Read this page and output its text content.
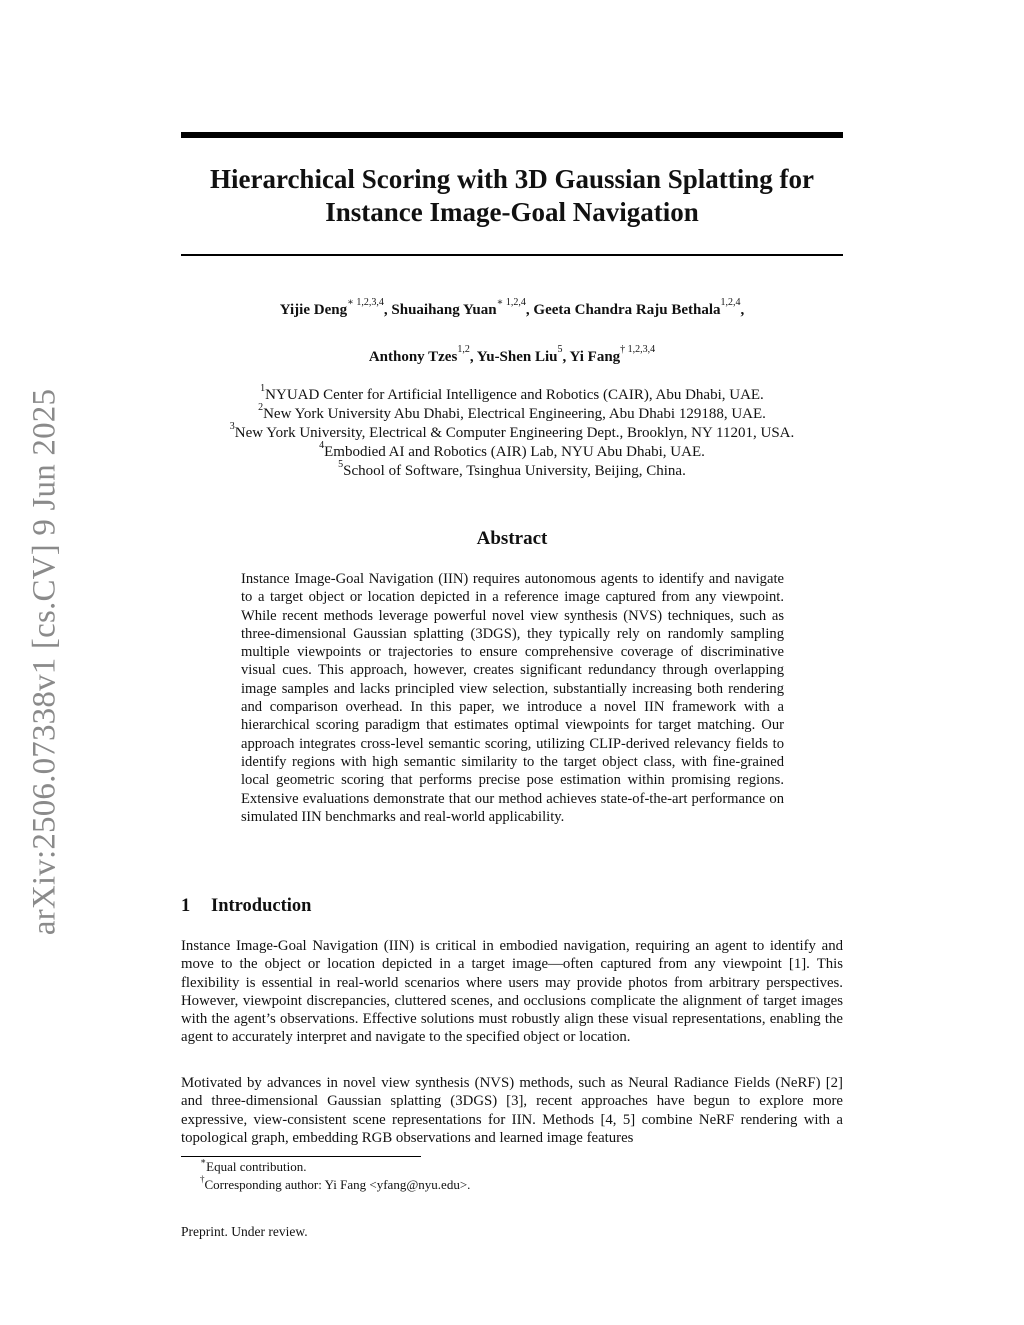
arXiv:2506.07338v1 [cs.CV] 9 Jun 2025
Hierarchical Scoring with 3D Gaussian Splatting for
Instance Image-Goal Navigation
Yijie Deng$^{∗ 1,2,3,4}$, Shuaihang Yuan$^{∗ 1,2,4}$, Geeta Chandra Raju Bethala$^{1,2,4}$,
Anthony Tzes$^{1,2}$, Yu-Shen Liu$^5$, Yi Fang$^{\dagger 1,2,3,4}$
$^1$NYUAD Center for Artificial Intelligence and Robotics (CAIR), Abu Dhabi, UAE.
$^2$New York University Abu Dhabi, Electrical Engineering, Abu Dhabi 129188, UAE.
$^3$New York University, Electrical & Computer Engineering Dept., Brooklyn, NY 11201, USA.
$^4$Embodied AI and Robotics (AIR) Lab, NYU Abu Dhabi, UAE.
$^5$School of Software, Tsinghua University, Beijing, China.
Abstract
Instance Image-Goal Navigation (IIN) requires autonomous agents to identify and navigate to a target object or location depicted in a reference image captured from any viewpoint. While recent methods leverage powerful novel view synthesis (NVS) techniques, such as three-dimensional Gaussian splatting (3DGS), they typically rely on randomly sampling multiple viewpoints or trajectories to ensure comprehensive coverage of discriminative visual cues. This approach, however, creates significant redundancy through overlapping image samples and lacks principled view selection, substantially increasing both rendering and comparison overhead. In this paper, we introduce a novel IIN framework with a hierarchical scoring paradigm that estimates optimal viewpoints for target matching. Our approach integrates cross-level semantic scoring, utilizing CLIP-derived relevancy fields to identify regions with high semantic similarity to the target object class, with fine-grained local geometric scoring that performs precise pose estimation within promising regions. Extensive evaluations demonstrate that our method achieves state-of-the-art performance on simulated IIN benchmarks and real-world applicability.
1 Introduction
Instance Image-Goal Navigation (IIN) is critical in embodied navigation, requiring an agent to identify and move to the object or location depicted in a target image—often captured from any viewpoint [1]. This flexibility is essential in real-world scenarios where users may provide photos from arbitrary perspectives. However, viewpoint discrepancies, cluttered scenes, and occlusions complicate the alignment of target images with the agent’s observations. Effective solutions must robustly align these visual representations, enabling the agent to accurately interpret and navigate to the specified object or location.
Motivated by advances in novel view synthesis (NVS) methods, such as Neural Radiance Fields (NeRF) [2] and three-dimensional Gaussian splatting (3DGS) [3], recent approaches have begun to explore more expressive, view-consistent scene representations for IIN. Methods [4, 5] combine NeRF rendering with a topological graph, embedding RGB observations and learned image features
∗Equal contribution.
†Corresponding author: Yi Fang <yfang@nyu.edu>.
Preprint. Under review.
